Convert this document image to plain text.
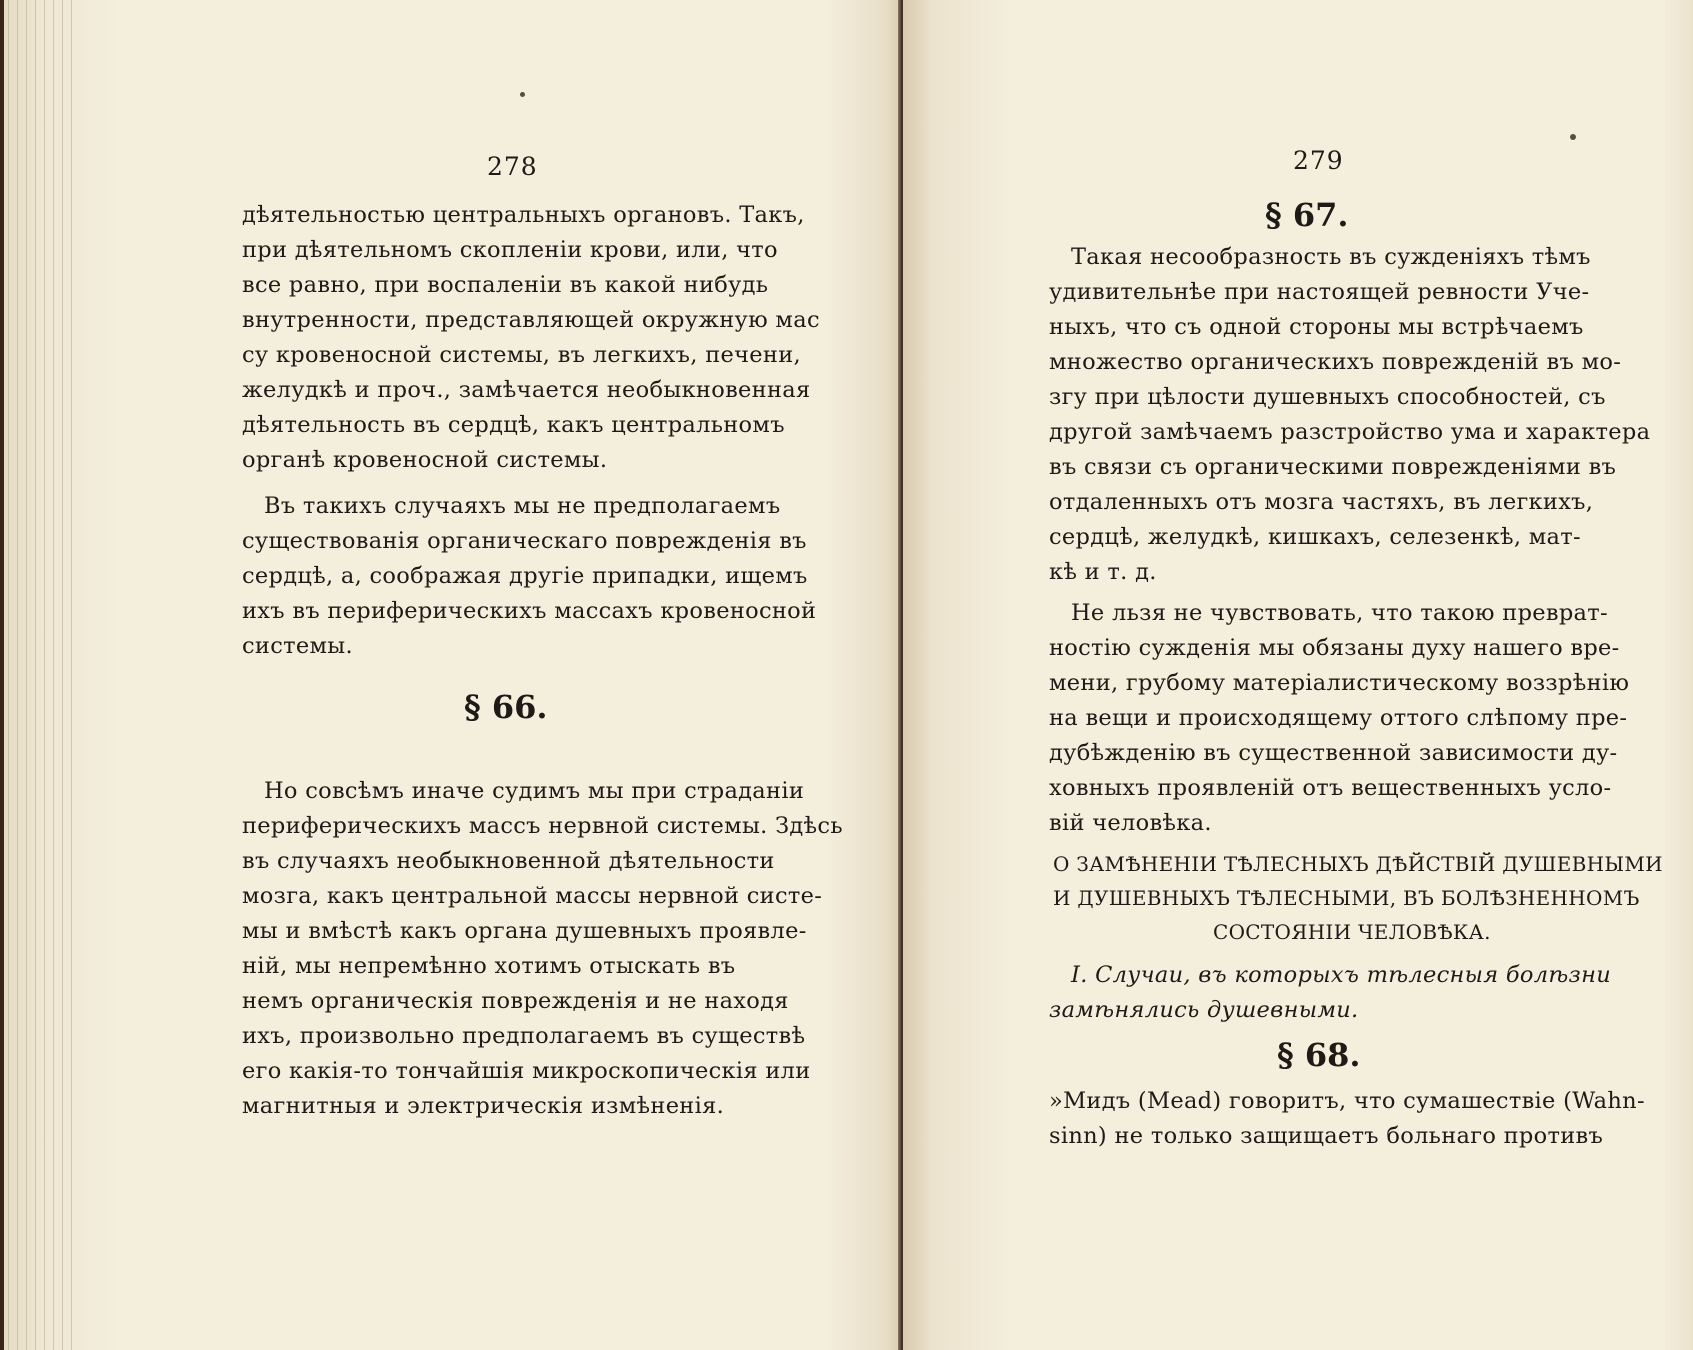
278
дѣятельностью центральныхъ органовъ. Такъ,
при дѣятельномъ скопленіи крови, или, что
все равно, при воспаленіи въ какой нибудь
внутренности, представляющей окружную мас
су кровеносной системы, въ легкихъ, печени,
желудкѣ и проч., замѣчается необыкновенная
дѣятельность въ сердцѣ, какъ центральномъ
органѣ кровеносной системы.
Въ такихъ случаяхъ мы не предполагаемъ
существованія органическаго поврежденія въ
сердцѣ, а, соображая другіе припадки, ищемъ
ихъ въ периферическихъ массахъ кровеносной
системы.
§ 66.
Но совсѣмъ иначе судимъ мы при страданіи
периферическихъ массъ нервной системы. Здѣсь
въ случаяхъ необыкновенной дѣятельности
мозга, какъ центральной массы нервной систе-
мы и вмѣстѣ какъ органа душевныхъ проявле-
ній, мы непремѣнно хотимъ отыскать въ
немъ органическія поврежденія и не находя
ихъ, произвольно предполагаемъ въ существѣ
его какія-то тончайшія микроскопическія или
магнитныя и электрическія измѣненія.
279
§ 67.
Такая несообразность въ сужденіяхъ тѣмъ
удивительнѣе при настоящей ревности Уче-
ныхъ, что съ одной стороны мы встрѣчаемъ
множество органическихъ поврежденій въ мо-
згу при цѣлости душевныхъ способностей, съ
другой замѣчаемъ разстройство ума и характера
въ связи съ органическими поврежденіями въ
отдаленныхъ отъ мозга частяхъ, въ легкихъ,
сердцѣ, желудкѣ, кишкахъ, селезенкѣ, мат-
кѣ и т. д.
Не льзя не чувствовать, что такою преврат-
ностію сужденія мы обязаны духу нашего вре-
мени, грубому матеріалистическому воззрѣнію
на вещи и происходящему оттого слѣпому пре-
дубѣжденію въ существенной зависимости ду-
ховныхъ проявленій отъ вещественныхъ усло-
вій человѣка.
О ЗАМѢНЕНІИ ТѢЛЕСНЫХЪ ДѢЙСТВІЙ ДУШЕВНЫМИ
И ДУШЕВНЫХЪ ТѢЛЕСНЫМИ, ВЪ БОЛѢЗНЕННОМЪ
СОСТОЯНІИ ЧЕЛОВѢКА.
I. Случаи, въ которыхъ тѣлесныя болѣзни
замѣнялись душевными.
§ 68.
»Мидъ (Mead) говоритъ, что сумашествіе (Wahn-
sinn) не только защищаетъ больнаго противъ
